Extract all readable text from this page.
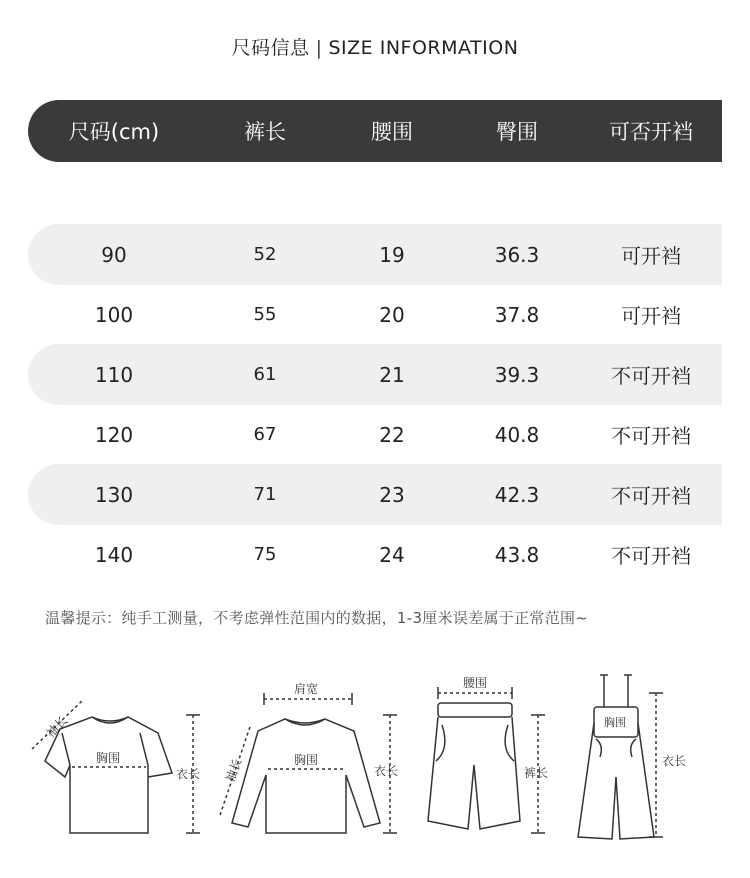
尺码信息 | SIZE INFORMATION
尺码(cm)	裤长	腰围	臀围	可否开裆
90	52	19	36.3	可开裆
100	55	20	37.8	可开裆
110	61	21	39.3	不可开裆
120	67	22	40.8	不可开裆
130	71	23	42.3	不可开裆
140	75	24	43.8	不可开裆
温馨提示：纯手工测量，不考虑弹性范围内的数据，1-3厘米误差属于正常范围~
袖长
胸围
衣长
肩宽
袖长	胸围
衣长
腰围
裤长
胸围
衣长
